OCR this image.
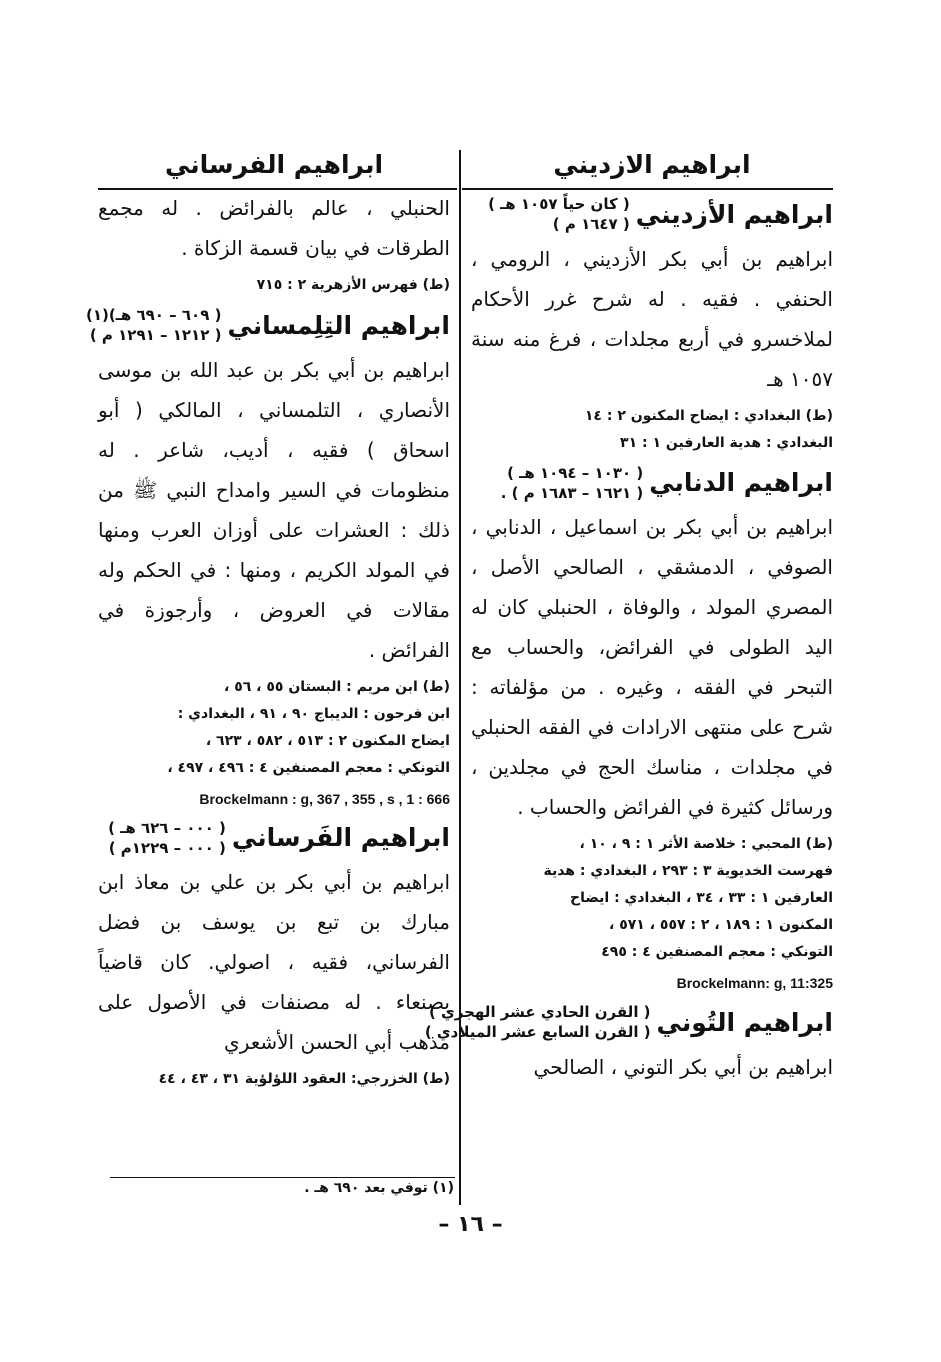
ابراهيم الازديني
ابراهيم الأزديني
( كان حياً ١٠٥٧ هـ )
( ١٦٤٧ م )

ابراهيم بن أبي بكر الأزديني ، الرومي ، الحنفي . فقيه . له شرح غرر الأحكام لملاخسرو في أربع مجلدات ، فرغ منه سنة ١٠٥٧ هـ

(ط) البغدادي : ايضاح المكنون ٢ : ١٤
البغدادي : هدية العارفين ١ : ٣١
ابراهيم الدنابي
( ١٠٣٠ – ١٠٩٤ هـ )
( ١٦٢١ – ١٦٨٣ م ) .

ابراهيم بن أبي بكر بن اسماعيل ، الدنابي ، الصوفي ، الدمشقي ، الصالحي الأصل ، المصري المولد ، والوفاة ، الحنبلي كان له اليد الطولى في الفرائض، والحساب مع التبحر في الفقه ، وغيره . من مؤلفاته : شرح على منتهى الارادات في الفقه الحنبلي في مجلدات ، مناسك الحج في مجلدين ، ورسائل كثيرة في الفرائض والحساب .

(ط) المحبي : خلاصة الأثر ١ : ٩ ، ١٠ ،
فهرست الخديوية ٣ : ٢٩٣ ، البغدادي : هدية
العارفين ١ : ٣٣ ، ٣٤ ، البغدادي : ايضاح
المكنون ١ : ١٨٩ ، ٢ : ٥٥٧ ، ٥٧١ ،
التونكي : معجم المصنفين ٤ : ٤٩٥
Brockelmann: g, 11:325
ابراهيم التُوني
( القرن الحادي عشر الهجري )
( القرن السابع عشر الميلادي )

ابراهيم بن أبي بكر التوني ، الصالحي

ابراهيم الفرساني

الحنبلي ، عالم بالفرائض . له مجمع الطرقات في بيان قسمة الزكاة .

(ط) فهرس الأزهرية ٢ : ٧١٥
ابراهيم التِلِمساني
( ٦٠٩ – ٦٩٠ هـ)(١)
( ١٢١٢ – ١٢٩١ م )

ابراهيم بن أبي بكر بن عبد الله بن موسى الأنصاري ، التلمساني ، المالكي ( أبو اسحاق ) فقيه ، أديب، شاعر . له منظومات في السير وامداح النبي ﷺ من ذلك : العشرات على أوزان العرب ومنها في المولد الكريم ، ومنها : في الحكم وله مقالات في العروض ، وأرجوزة في الفرائض .

(ط) ابن مريم : البستان ٥٥ ، ٥٦ ،
ابن فرحون : الديباج ٩٠ ، ٩١ ، البغدادي :
ايضاح المكنون ٢ : ٥١٣ ، ٥٨٢ ، ٦٢٣ ،
التونكي : معجم المصنفين ٤ : ٤٩٦ ، ٤٩٧ ،
Brockelmann : g, 367 , 355 , s , 1 : 666
ابراهيم الفَرساني
( ٠٠٠ – ٦٢٦ هـ )
( ٠٠٠ – ١٢٢٩م )

ابراهيم بن أبي بكر بن علي بن معاذ ابن مبارك بن تبع بن يوسف بن فضل الفرساني، فقيه ، اصولي. كان قاضياً بصنعاء . له مصنفات في الأصول على مذهب أبي الحسن الأشعري

(ط) الخزرجي: العقود اللؤلؤية ٣١ ، ٤٣ ، ٤٤
(١) توفي بعد ٦٩٠ هـ .
– ١٦ –
